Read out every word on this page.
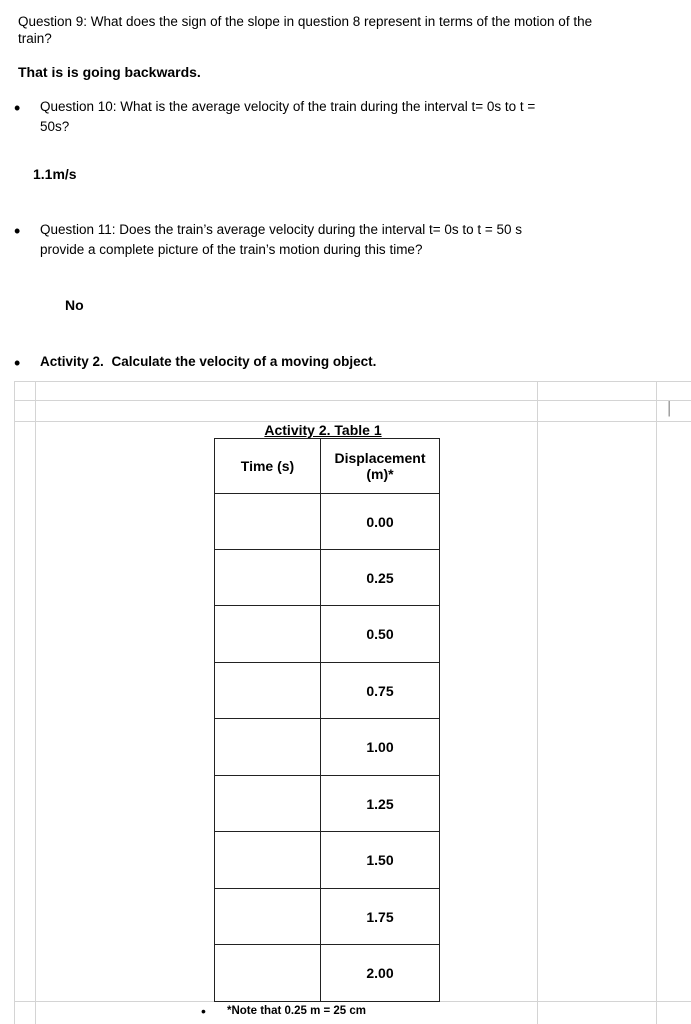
Question 9: What does the sign of the slope in question 8 represent in terms of the motion of the train?
That is is going backwards.
• Question 10: What is the average velocity of the train during the interval t= 0s to t =
50s?
1.1m/s
• Question 11: Does the train’s average velocity during the interval t= 0s to t = 50 s
provide a complete picture of the train’s motion during this time?
No
• Activity 2. Calculate the velocity of a moving object.
|
Activity 2. Table 1
Time (s)	Displacement (m)*
	0.00
	0.25
	0.50
	0.75
	1.00
	1.25
	1.50
	1.75
	2.00
• *Note that 0.25 m = 25 cm
